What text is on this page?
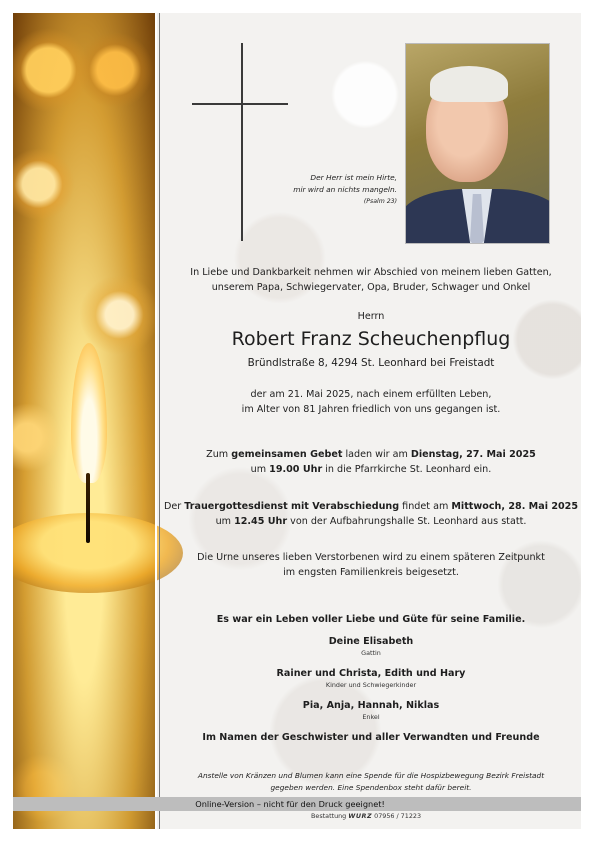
Der Herr ist mein Hirte,
mir wird an nichts mangeln.
(Psalm 23)
In Liebe und Dankbarkeit nehmen wir Abschied von meinem lieben Gatten,
unserem Papa, Schwiegervater, Opa, Bruder, Schwager und Onkel
Herrn
Robert Franz Scheuchenpflug
Bründlstraße 8, 4294 St. Leonhard bei Freistadt
der am 21. Mai 2025, nach einem erfüllten Leben,
im Alter von 81 Jahren friedlich von uns gegangen ist.
Zum gemeinsamen Gebet laden wir am Dienstag, 27. Mai 2025
um 19.00 Uhr in die Pfarrkirche St. Leonhard ein.
Der Trauergottesdienst mit Verabschiedung findet am Mittwoch, 28. Mai 2025
um 12.45 Uhr von der Aufbahrungshalle St. Leonhard aus statt.
Die Urne unseres lieben Verstorbenen wird zu einem späteren Zeitpunkt
im engsten Familienkreis beigesetzt.
Es war ein Leben voller Liebe und Güte für seine Familie.
Deine Elisabeth
Gattin
Rainer und Christa, Edith und Hary
Kinder und Schwiegerkinder
Pia, Anja, Hannah, Niklas
Enkel
Im Namen der Geschwister und aller Verwandten und Freunde
Anstelle von Kränzen und Blumen kann eine Spende für die Hospizbewegung Bezirk Freistadt
gegeben werden. Eine Spendenbox steht dafür bereit.
Online-Version – nicht für den Druck geeignet!
Bestattung WURZ 07956 / 71223
